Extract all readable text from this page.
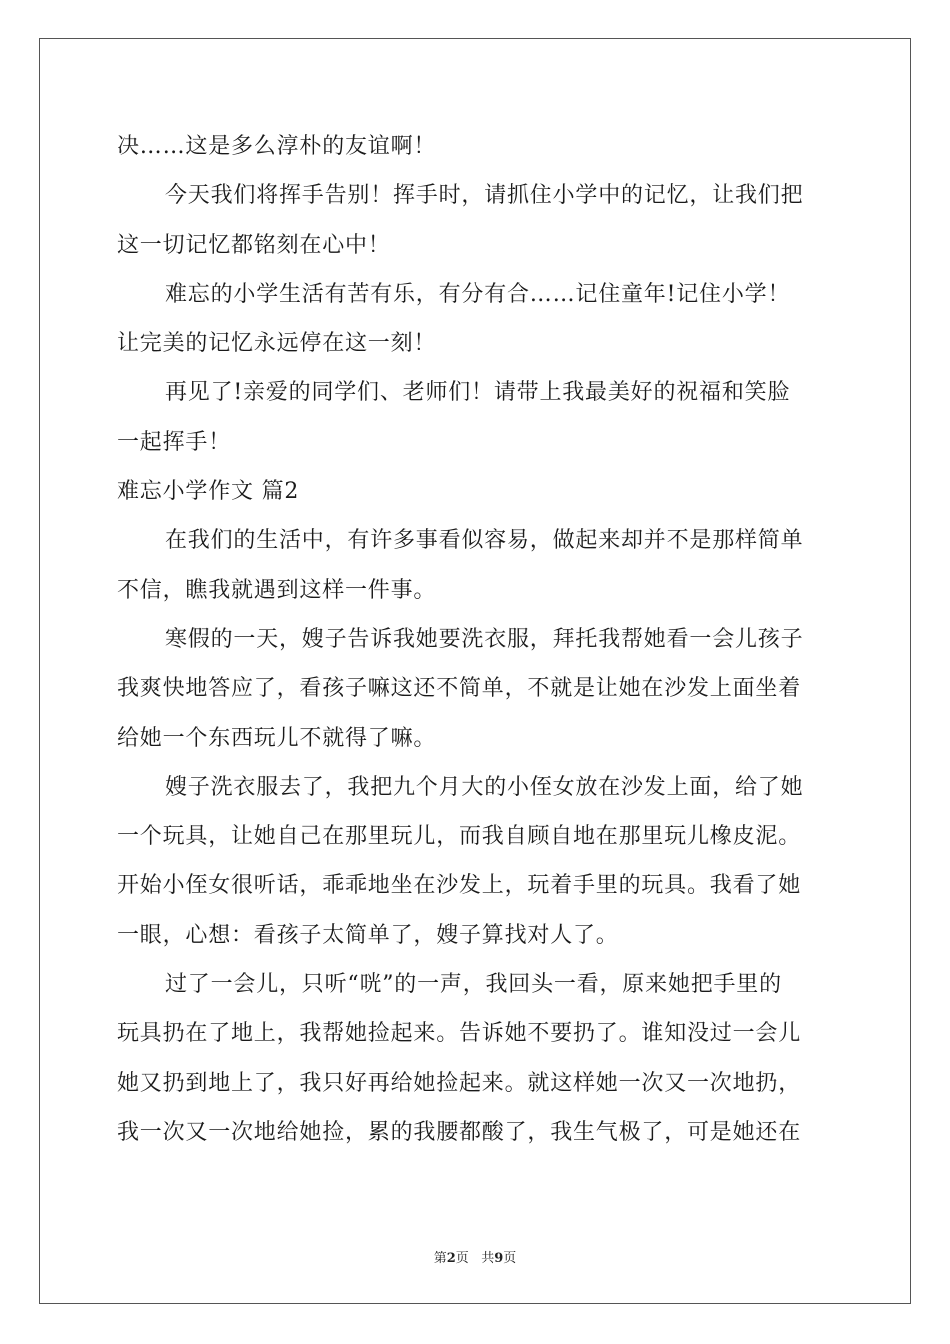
决……这是多么淳朴的友谊啊！
今天我们将挥手告别！挥手时，请抓住小学中的记忆，让我们把
这一切记忆都铭刻在心中！
难忘的小学生活有苦有乐，有分有合……记住童年!记住小学！
让完美的记忆永远停在这一刻！
再见了!亲爱的同学们、老师们！请带上我最美好的祝福和笑脸
一起挥手！
难忘小学作文 篇2
在我们的生活中，有许多事看似容易，做起来却并不是那样简单
不信，瞧我就遇到这样一件事。
寒假的一天，嫂子告诉我她要洗衣服，拜托我帮她看一会儿孩子
我爽快地答应了，看孩子嘛这还不简单，不就是让她在沙发上面坐着
给她一个东西玩儿不就得了嘛。
嫂子洗衣服去了，我把九个月大的小侄女放在沙发上面，给了她
一个玩具，让她自己在那里玩儿，而我自顾自地在那里玩儿橡皮泥。
开始小侄女很听话，乖乖地坐在沙发上，玩着手里的玩具。我看了她
一眼，心想：看孩子太简单了，嫂子算找对人了。
过了一会儿，只听“咣”的一声，我回头一看，原来她把手里的
玩具扔在了地上，我帮她捡起来。告诉她不要扔了。谁知没过一会儿
她又扔到地上了，我只好再给她捡起来。就这样她一次又一次地扔，
我一次又一次地给她捡，累的我腰都酸了，我生气极了，可是她还在
第2页 共9页
